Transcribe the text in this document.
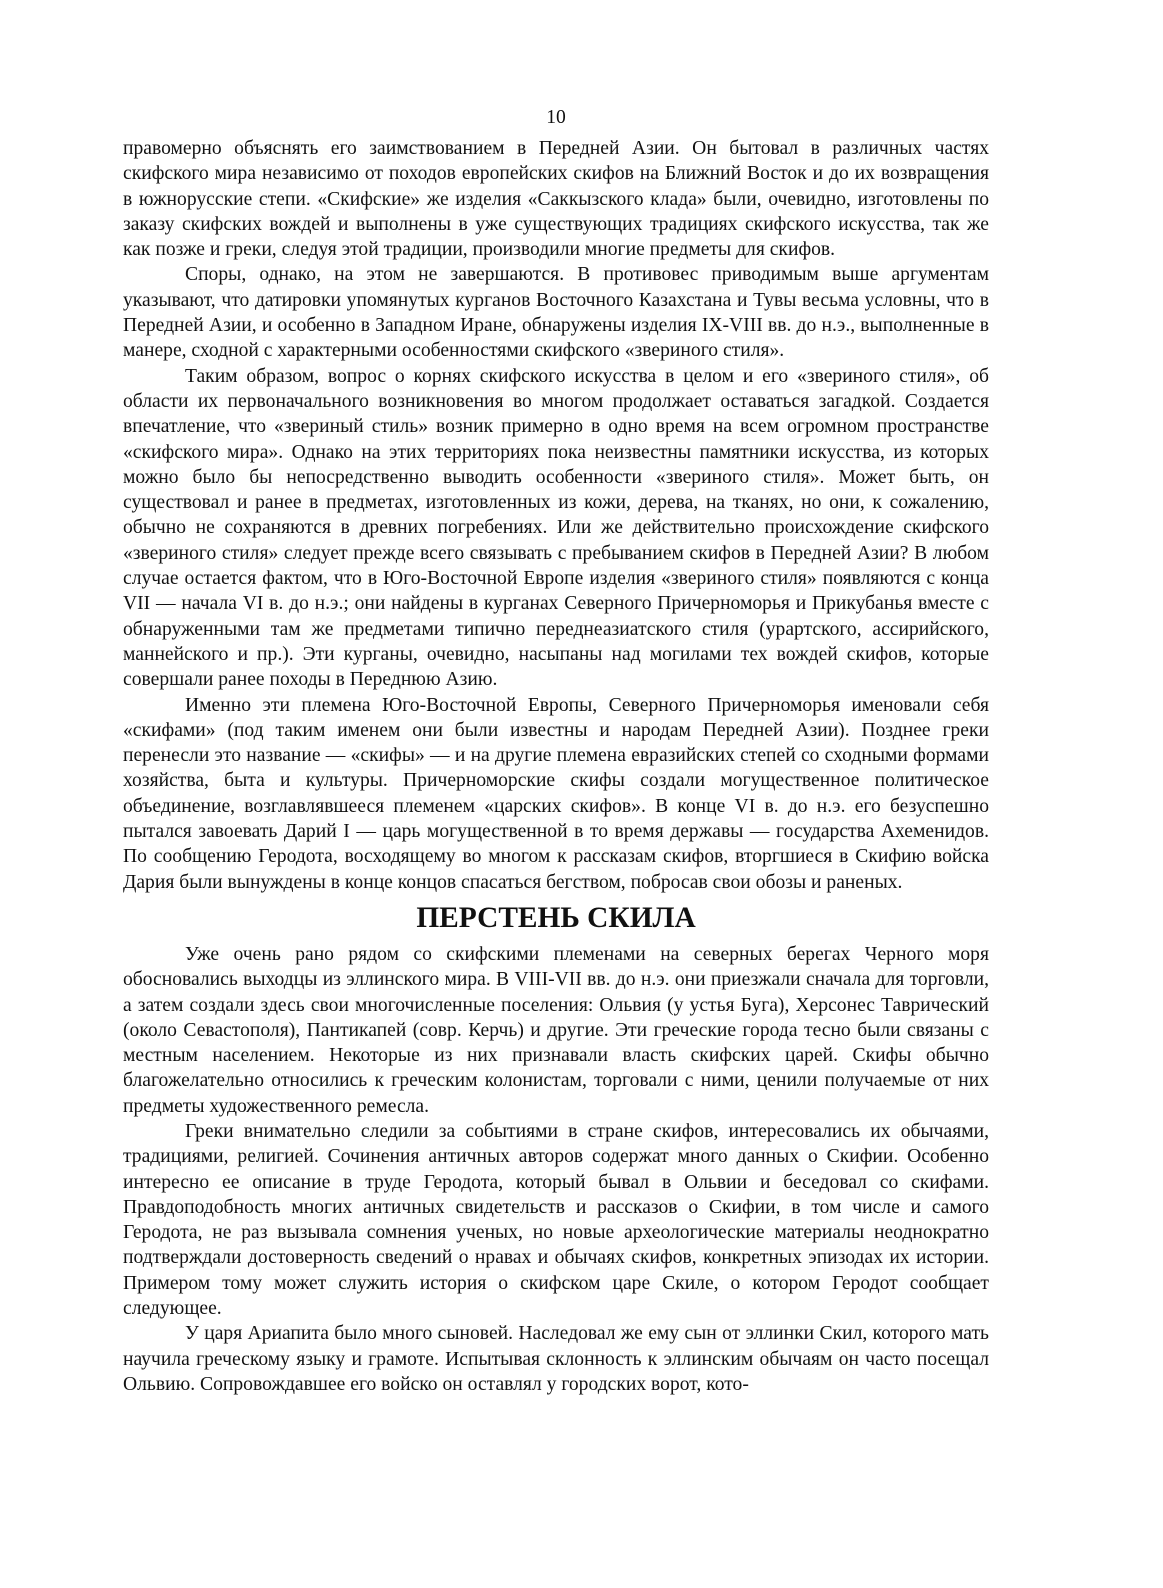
10

правомерно объяснять его заимствованием в Передней Азии. Он бытовал в различных частях скифского мира независимо от походов европейских скифов на Ближний Восток и до их возвращения в южнорусские степи. «Скифские» же изделия «Саккызского клада» были, очевидно, изготовлены по заказу скифских вождей и выполнены в уже существующих традициях скифского искусства, так же как позже и греки, следуя этой традиции, производили многие предметы для скифов.

Споры, однако, на этом не завершаются. В противовес приводимым выше аргументам указывают, что датировки упомянутых курганов Восточного Казахстана и Тувы весьма условны, что в Передней Азии, и особенно в Западном Иране, обнаружены изделия IX-VIII вв. до н.э., выполненные в манере, сходной с характерными особенностями скифского «звериного стиля».

Таким образом, вопрос о корнях скифского искусства в целом и его «звериного стиля», об области их первоначального возникновения во многом продолжает оставаться загадкой. Создается впечатление, что «звериный стиль» возник примерно в одно время на всем огромном пространстве «скифского мира». Однако на этих территориях пока неизвестны памятники искусства, из которых можно было бы непосредственно выводить особенности «звериного стиля». Может быть, он существовал и ранее в предметах, изготовленных из кожи, дерева, на тканях, но они, к сожалению, обычно не сохраняются в древних погребениях. Или же действительно происхождение скифского «звериного стиля» следует прежде всего связывать с пребыванием скифов в Передней Азии? В любом случае остается фактом, что в Юго-Восточной Европе изделия «звериного стиля» появляются с конца VII — начала VI в. до н.э.; они найдены в курганах Северного Причерноморья и Прикубанья вместе с обнаруженными там же предметами типично переднеазиатского стиля (урартского, ассирийского, маннейского и пр.). Эти курганы, очевидно, насыпаны над могилами тех вождей скифов, которые совершали ранее походы в Переднюю Азию.

Именно эти племена Юго-Восточной Европы, Северного Причерноморья именовали себя «скифами» (под таким именем они были известны и народам Передней Азии). Позднее греки перенесли это название — «скифы» — и на другие племена евразийских степей со сходными формами хозяйства, быта и культуры. Причерноморские скифы создали могущественное политическое объединение, возглавлявшееся племенем «царских скифов». В конце VI в. до н.э. его безуспешно пытался завоевать Дарий I — царь могущественной в то время державы — государства Ахеменидов. По сообщению Геродота, восходящему во многом к рассказам скифов, вторгшиеся в Скифию войска Дария были вынуждены в конце концов спасаться бегством, побросав свои обозы и раненых.

ПЕРСТЕНЬ СКИЛА

Уже очень рано рядом со скифскими племенами на северных берегах Черного моря обосновались выходцы из эллинского мира. В VIII-VII вв. до н.э. они приезжали сначала для торговли, а затем создали здесь свои многочисленные поселения: Ольвия (у устья Буга), Херсонес Таврический (около Севастополя), Пантикапей (совр. Керчь) и другие. Эти греческие города тесно были связаны с местным населением. Некоторые из них признавали власть скифских царей. Скифы обычно благожелательно относились к греческим колонистам, торговали с ними, ценили получаемые от них предметы художественного ремесла.

Греки внимательно следили за событиями в стране скифов, интересовались их обычаями, традициями, религией. Сочинения античных авторов содержат много данных о Скифии. Особенно интересно ее описание в труде Геродота, который бывал в Ольвии и беседовал со скифами. Правдоподобность многих античных свидетельств и рассказов о Скифии, в том числе и самого Геродота, не раз вызывала сомнения ученых, но новые археологические материалы неоднократно подтверждали достоверность сведений о нравах и обычаях скифов, конкретных эпизодах их истории. Примером тому может служить история о скифском царе Скиле, о котором Геродот сообщает следующее.

У царя Ариапита было много сыновей. Наследовал же ему сын от эллинки Скил, которого мать научила греческому языку и грамоте. Испытывая склонность к эллинским обычаям он часто посещал Ольвию. Сопровождавшее его войско он оставлял у городских ворот, кото-
